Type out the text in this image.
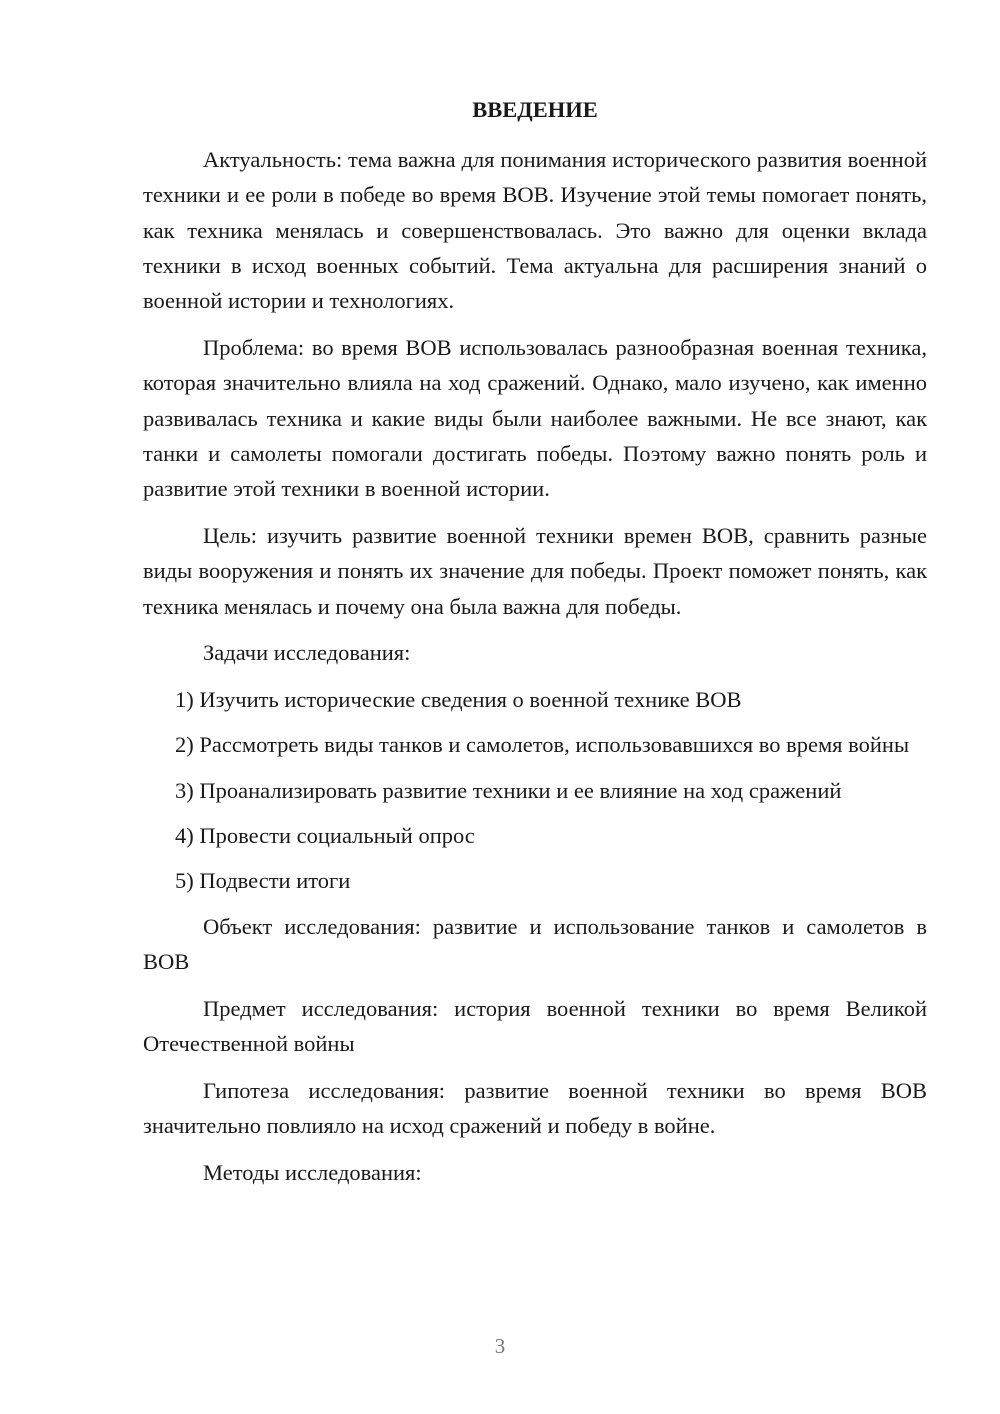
ВВЕДЕНИЕ

Актуальность: тема важна для понимания исторического развития военной техники и ее роли в победе во время ВОВ. Изучение этой темы помогает понять, как техника менялась и совершенствовалась. Это важно для оценки вклада техники в исход военных событий. Тема актуальна для расширения знаний о военной истории и технологиях.

Проблема: во время ВОВ использовалась разнообразная военная техника, которая значительно влияла на ход сражений. Однако, мало изучено, как именно развивалась техника и какие виды были наиболее важными. Не все знают, как танки и самолеты помогали достигать победы. Поэтому важно понять роль и развитие этой техники в военной истории.

Цель: изучить развитие военной техники времен ВОВ, сравнить разные виды вооружения и понять их значение для победы. Проект поможет понять, как техника менялась и почему она была важна для победы.

Задачи исследования:

1) Изучить исторические сведения о военной технике ВОВ

2) Рассмотреть виды танков и самолетов, использовавшихся во время войны

3) Проанализировать развитие техники и ее влияние на ход сражений

4) Провести социальный опрос

5) Подвести итоги

Объект исследования: развитие и использование танков и самолетов в ВОВ

Предмет исследования: история военной техники во время Великой Отечественной войны

Гипотеза исследования: развитие военной техники во время ВОВ значительно повлияло на исход сражений и победу в войне.

Методы исследования:

3
